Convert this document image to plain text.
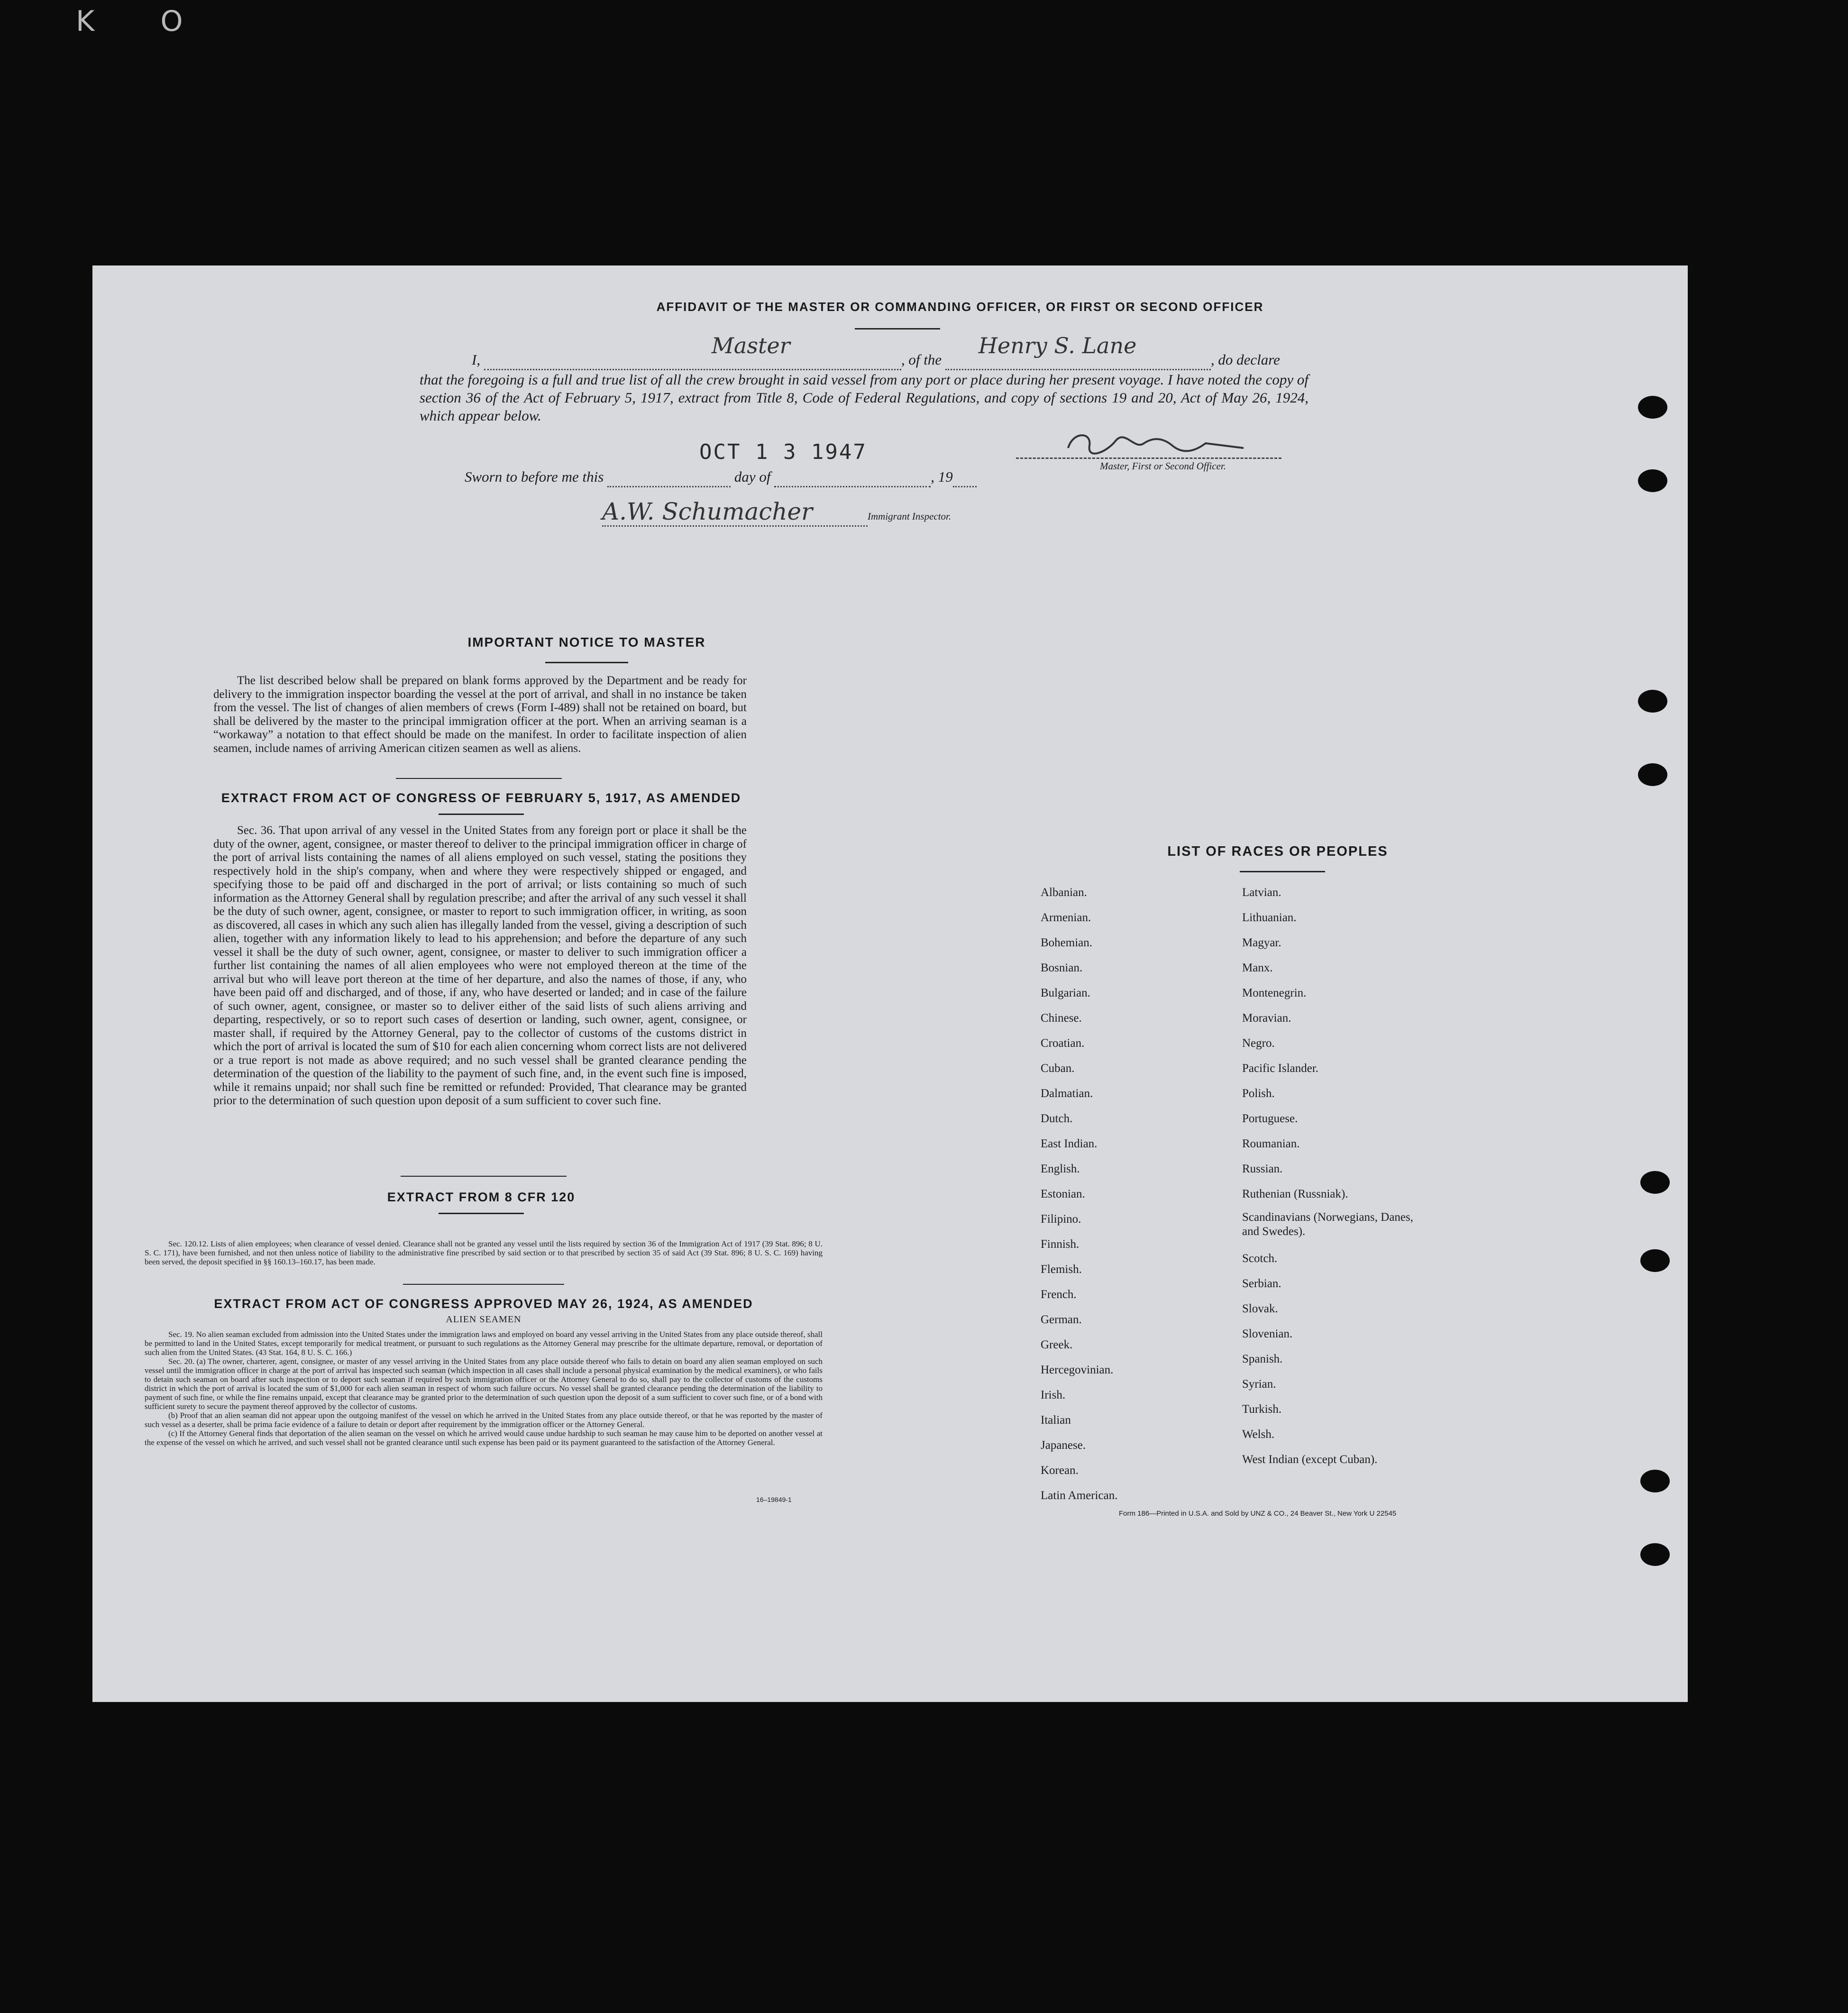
K O
AFFIDAVIT OF THE MASTER OR COMMANDING OFFICER, OR FIRST OR SECOND OFFICER
I,
Master
, of the
Henry S. Lane
, do declare
that the foregoing is a full and true list of all the crew brought in said vessel from any port or place during her present voyage. I have noted the copy of section 36 of the Act of February 5, 1917, extract from Title 8, Code of Federal Regulations, and copy of sections 19 and 20, Act of May 26, 1924, which appear below.
OCT 1 3 1947
Master, First or Second Officer.
Sworn to before me this	day of	, 19
A.W. Schumacher	Immigrant Inspector.
IMPORTANT NOTICE TO MASTER
The list described below shall be prepared on blank forms approved by the Department and be ready for delivery to the immigration inspector boarding the vessel at the port of arrival, and shall in no instance be taken from the vessel. The list of changes of alien members of crews (Form I-489) shall not be retained on board, but shall be delivered by the master to the principal immigration officer at the port. When an arriving seaman is a “workaway” a notation to that effect should be made on the manifest. In order to facilitate inspection of alien seamen, include names of arriving American citizen seamen as well as aliens.
EXTRACT FROM ACT OF CONGRESS OF FEBRUARY 5, 1917, AS AMENDED
Sec. 36. That upon arrival of any vessel in the United States from any foreign port or place it shall be the duty of the owner, agent, consignee, or master thereof to deliver to the principal immigration officer in charge of the port of arrival lists containing the names of all aliens employed on such vessel, stating the positions they respectively hold in the ship's company, when and where they were respectively shipped or engaged, and specifying those to be paid off and discharged in the port of arrival; or lists containing so much of such information as the Attorney General shall by regulation prescribe; and after the arrival of any such vessel it shall be the duty of such owner, agent, consignee, or master to report to such immigration officer, in writing, as soon as discovered, all cases in which any such alien has illegally landed from the vessel, giving a description of such alien, together with any information likely to lead to his apprehension; and before the departure of any such vessel it shall be the duty of such owner, agent, consignee, or master to deliver to such immigration officer a further list containing the names of all alien employees who were not employed thereon at the time of the arrival but who will leave port thereon at the time of her departure, and also the names of those, if any, who have been paid off and discharged, and of those, if any, who have deserted or landed; and in case of the failure of such owner, agent, consignee, or master so to deliver either of the said lists of such aliens arriving and departing, respectively, or so to report such cases of desertion or landing, such owner, agent, consignee, or master shall, if required by the Attorney General, pay to the collector of customs of the customs district in which the port of arrival is located the sum of $10 for each alien concerning whom correct lists are not delivered or a true report is not made as above required; and no such vessel shall be granted clearance pending the determination of the question of the liability to the payment of such fine, and, in the event such fine is imposed, while it remains unpaid; nor shall such fine be remitted or refunded: Provided, That clearance may be granted prior to the determination of such question upon deposit of a sum sufficient to cover such fine.
EXTRACT FROM 8 CFR 120
Sec. 120.12. Lists of alien employees; when clearance of vessel denied. Clearance shall not be granted any vessel until the lists required by section 36 of the Immigration Act of 1917 (39 Stat. 896; 8 U. S. C. 171), have been furnished, and not then unless notice of liability to the administrative fine prescribed by said section or to that prescribed by section 35 of said Act (39 Stat. 896; 8 U. S. C. 169) having been served, the deposit specified in §§ 160.13–160.17, has been made.
EXTRACT FROM ACT OF CONGRESS APPROVED MAY 26, 1924, AS AMENDED
ALIEN SEAMEN
Sec. 19. No alien seaman excluded from admission into the United States under the immigration laws and employed on board any vessel arriving in the United States from any place outside thereof, shall be permitted to land in the United States, except temporarily for medical treatment, or pursuant to such regulations as the Attorney General may prescribe for the ultimate departure, removal, or deportation of such alien from the United States. (43 Stat. 164, 8 U. S. C. 166.)
Sec. 20. (a) The owner, charterer, agent, consignee, or master of any vessel arriving in the United States from any place outside thereof who fails to detain on board any alien seaman employed on such vessel until the immigration officer in charge at the port of arrival has inspected such seaman (which inspection in all cases shall include a personal physical examination by the medical examiners), or who fails to detain such seaman on board after such inspection or to deport such seaman if required by such immigration officer or the Attorney General to do so, shall pay to the collector of customs of the customs district in which the port of arrival is located the sum of $1,000 for each alien seaman in respect of whom such failure occurs. No vessel shall be granted clearance pending the determination of the liability to payment of such fine, or while the fine remains unpaid, except that clearance may be granted prior to the determination of such question upon the deposit of a sum sufficient to cover such fine, or of a bond with sufficient surety to secure the payment thereof approved by the collector of customs.
(b) Proof that an alien seaman did not appear upon the outgoing manifest of the vessel on which he arrived in the United States from any place outside thereof, or that he was reported by the master of such vessel as a deserter, shall be prima facie evidence of a failure to detain or deport after requirement by the immigration officer or the Attorney General.
(c) If the Attorney General finds that deportation of the alien seaman on the vessel on which he arrived would cause undue hardship to such seaman he may cause him to be deported on another vessel at the expense of the vessel on which he arrived, and such vessel shall not be granted clearance until such expense has been paid or its payment guaranteed to the satisfaction of the Attorney General.
16–19849-1
LIST OF RACES OR PEOPLES
Albanian.
Armenian.
Bohemian.
Bosnian.
Bulgarian.
Chinese.
Croatian.
Cuban.
Dalmatian.
Dutch.
East Indian.
English.
Estonian.
Filipino.
Finnish.
Flemish.
French.
German.
Greek.
Hercegovinian.
Irish.
Italian
Japanese.
Korean.
Latin American.
Latvian.
Lithuanian.
Magyar.
Manx.
Montenegrin.
Moravian.
Negro.
Pacific Islander.
Polish.
Portuguese.
Roumanian.
Russian.
Ruthenian (Russniak).
Scandinavians (Norwegians, Danes, and Swedes).
Scotch.
Serbian.
Slovak.
Slovenian.
Spanish.
Syrian.
Turkish.
Welsh.
West Indian (except Cuban).
Form 186—Printed in U.S.A. and Sold by UNZ & CO., 24 Beaver St., New York U 22545
